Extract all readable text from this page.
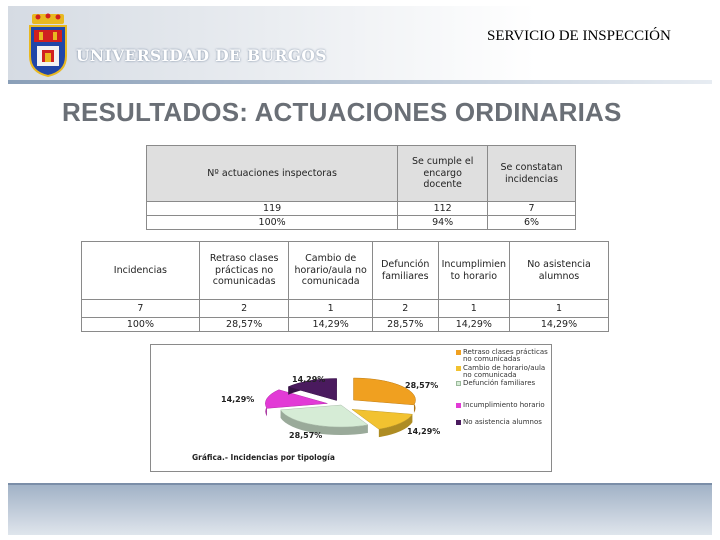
UNIVERSIDAD DE BURGOS
SERVICIO DE INSPECCIÓN
RESULTADOS: ACTUACIONES ORDINARIAS
Nº actuaciones inspectoras	Se cumple el encargo docente	Se constatan incidencias
119	112	7
100%	94%	6%
Incidencias	Retraso clases prácticas no comunicadas	Cambio de horario/aula no comunicada	Defunción familiares	Incumplimien to horario	No asistencia alumnos
7	2	1	2	1	1
100%	28,57%	14,29%	28,57%	14,29%	14,29%
28,57%
14,29%
14,29%
28,57%	14,29%
Retraso clases prácticas no comunicadas
Cambio de horario/aula no comunicada
Defunción familiares
Incumplimiento horario
No asistencia alumnos
Gráfica.- Incidencias por tipología
